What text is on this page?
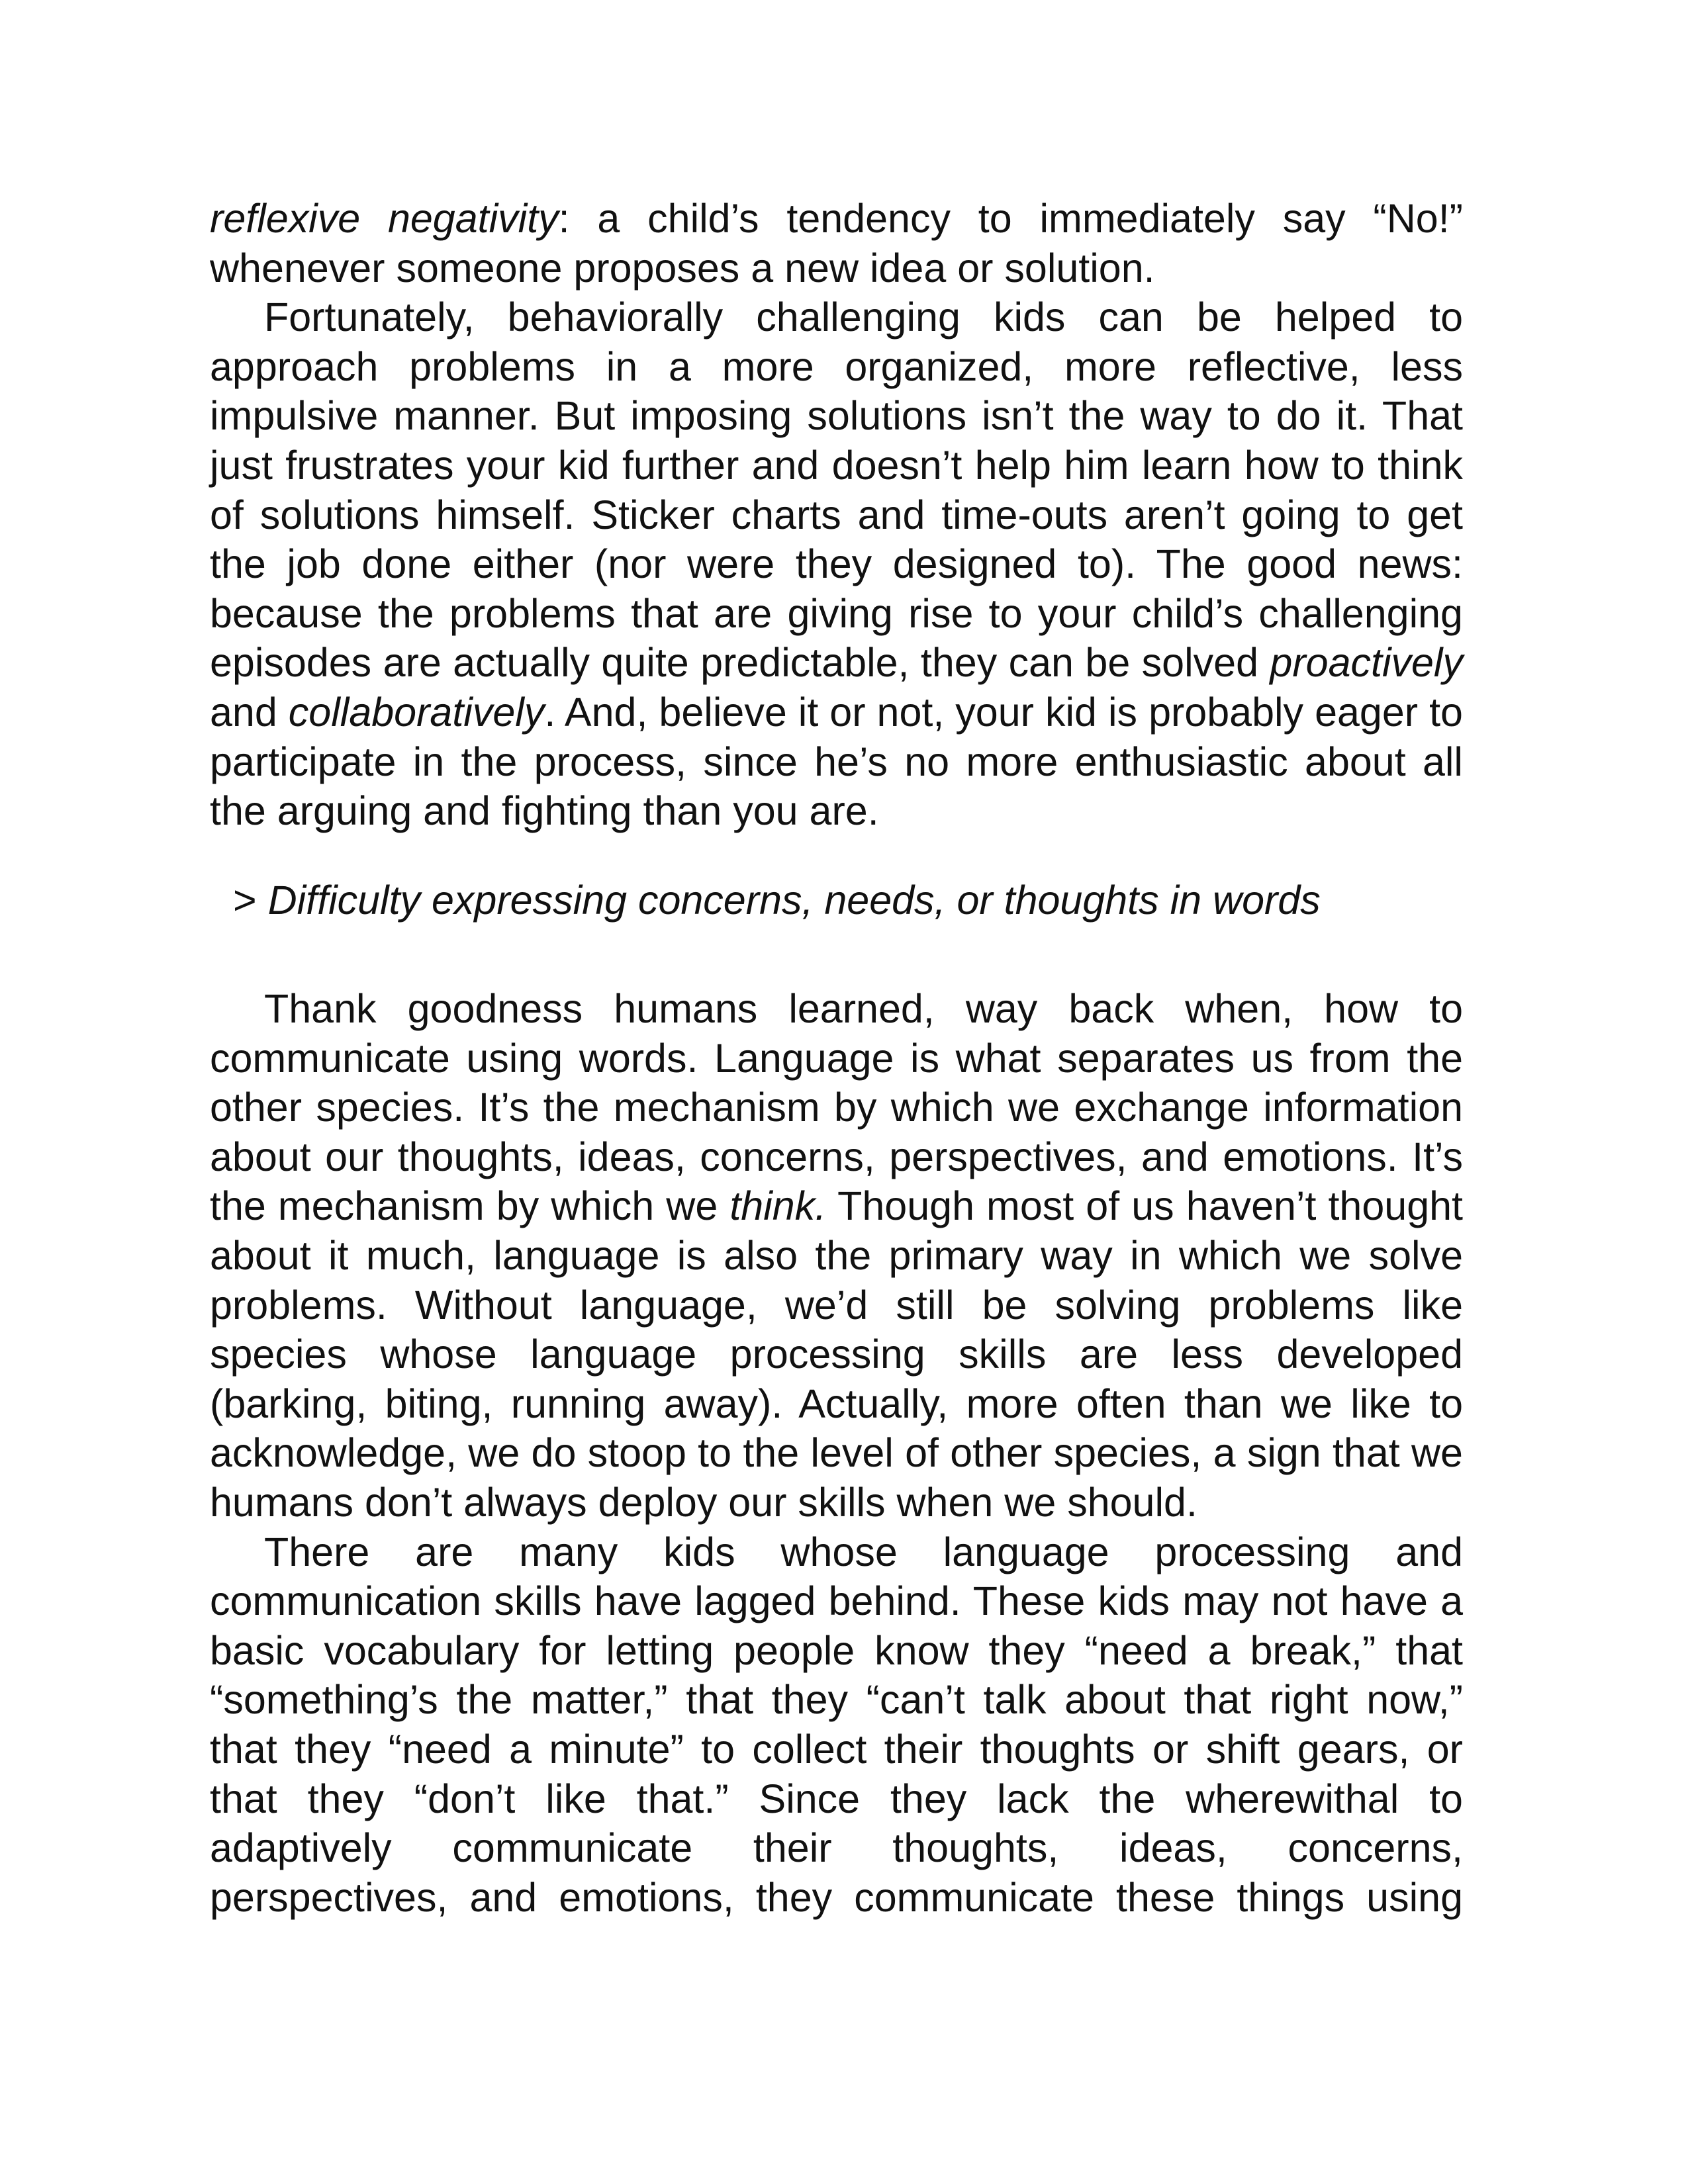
reflexive negativity: a child’s tendency to immediately say “No!” whenever someone proposes a new idea or solution.

Fortunately, behaviorally challenging kids can be helped to approach problems in a more organized, more reflective, less impulsive manner. But imposing solutions isn’t the way to do it. That just frustrates your kid further and doesn’t help him learn how to think of solutions himself. Sticker charts and time-outs aren’t going to get the job done either (nor were they designed to). The good news: because the problems that are giving rise to your child’s challenging episodes are actually quite predictable, they can be solved proactively and collaboratively. And, believe it or not, your kid is probably eager to participate in the process, since he’s no more enthusiastic about all the arguing and fighting than you are.

> Difficulty expressing concerns, needs, or thoughts in words

Thank goodness humans learned, way back when, how to communicate using words. Language is what separates us from the other species. It’s the mechanism by which we exchange information about our thoughts, ideas, concerns, perspectives, and emotions. It’s the mechanism by which we think. Though most of us haven’t thought about it much, language is also the primary way in which we solve problems. Without language, we’d still be solving problems like species whose language processing skills are less developed (barking, biting, running away). Actually, more often than we like to acknowledge, we do stoop to the level of other species, a sign that we humans don’t always deploy our skills when we should.

There are many kids whose language processing and communication skills have lagged behind. These kids may not have a basic vocabulary for letting people know they “need a break,” that “something’s the matter,” that they “can’t talk about that right now,” that they “need a minute” to collect their thoughts or shift gears, or that they “don’t like that.” Since they lack the wherewithal to adaptively communicate their thoughts, ideas, concerns, perspectives, and emotions, they communicate these things using
